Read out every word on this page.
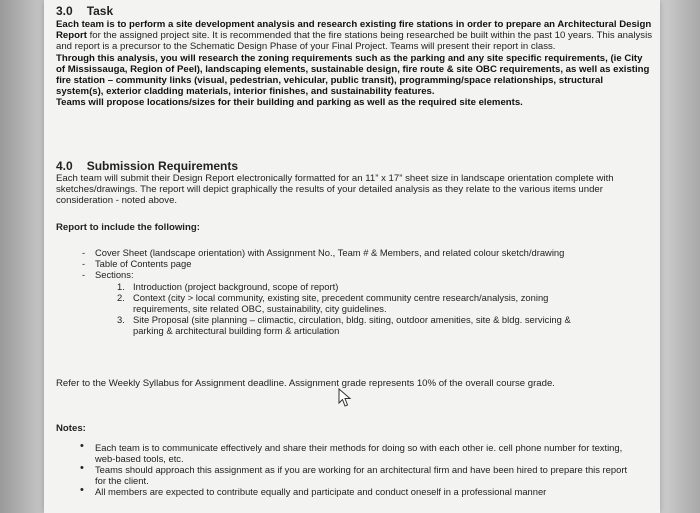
3.0 Task

Each team is to perform a site development analysis and research existing fire stations in order to prepare an Architectural Design Report for the assigned project site. It is recommended that the fire stations being researched be built within the past 10 years. This analysis and report is a precursor to the Schematic Design Phase of your Final Project. Teams will present their report in class.

Through this analysis, you will research the zoning requirements such as the parking and any site specific requirements, (ie City of Mississauga, Region of Peel), landscaping elements, sustainable design, fire route & site OBC requirements, as well as existing fire station – community links (visual, pedestrian, vehicular, public transit), programming/space relationships, structural system(s), exterior cladding materials, interior finishes, and sustainability features.

Teams will propose locations/sizes for their building and parking as well as the required site elements.

4.0 Submission Requirements

Each team will submit their Design Report electronically formatted for an 11” x 17” sheet size in landscape orientation complete with sketches/drawings. The report will depict graphically the results of your detailed analysis as they relate to the various items under consideration - noted above.

Report to include the following:
- Cover Sheet (landscape orientation) with Assignment No., Team # & Members, and related colour sketch/drawing
- Table of Contents page
- Sections:
1. Introduction (project background, scope of report)
2. Context (city > local community, existing site, precedent community centre research/analysis, zoning requirements, site related OBC, sustainability, city guidelines.
3. Site Proposal (site planning – climactic, circulation, bldg. siting, outdoor amenities, site & bldg. servicing & parking & architectural building form & articulation
Refer to the Weekly Syllabus for Assignment deadline. Assignment grade represents 10% of the overall course grade.
Notes:
• Each team is to communicate effectively and share their methods for doing so with each other ie. cell phone number for texting, web-based tools, etc.
• Teams should approach this assignment as if you are working for an architectural firm and have been hired to prepare this report for the client.
• All members are expected to contribute equally and participate and conduct oneself in a professional manner
